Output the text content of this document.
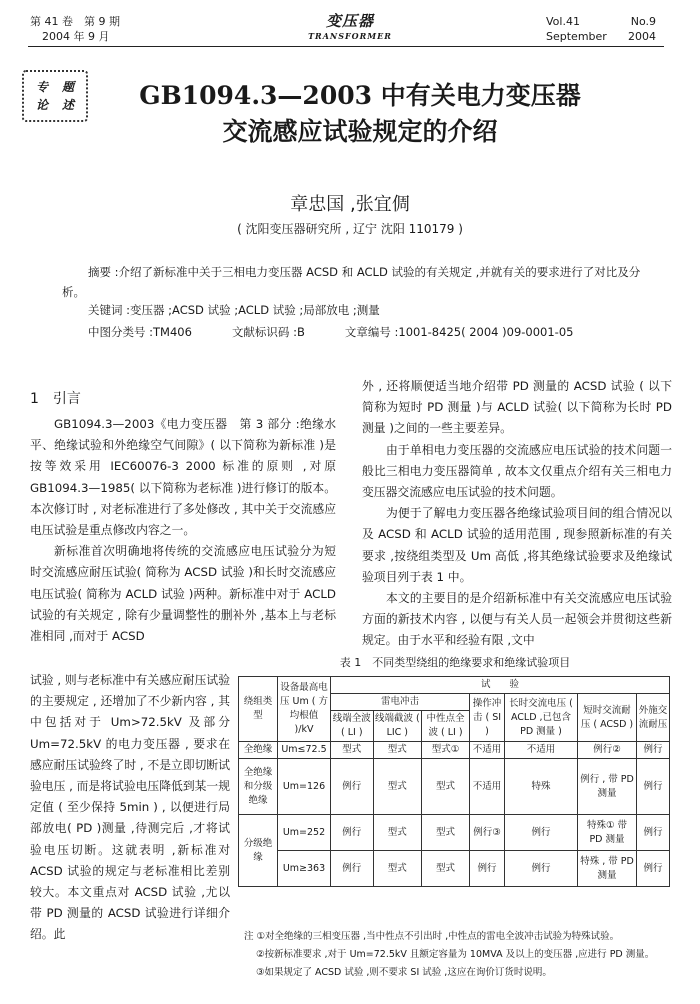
第 41 卷　第 9 期
2004 年 9 月
变压器
TRANSFORMER
Vol.41	No.9
September 2004
专	题
论	述	GB1094.3—2003 中有关电力变压器
交流感应试验规定的介绍
章忠国 ,张宜倜
( 沈阳变压器研究所 , 辽宁 沈阳 110179 )
摘要 :介绍了新标准中关于三相电力变压器 ACSD 和 ACLD 试验的有关规定 ,并就有关的要求进行了对比及分析。
关键词 :变压器 ;ACSD 试验 ;ACLD 试验 ;局部放电 ;测量
中图分类号 :TM406	文献标识码 :B	文章编号 :1001-8425( 2004 )09-0001-05
1　引言

GB1094.3—2003《电力变压器　第 3 部分 :绝缘水平、绝缘试验和外绝缘空气间隙》( 以下简称为新标准 )是按等效采用 IEC60076-3 2000 标准的原则 ,对原 GB1094.3—1985( 以下简称为老标准 )进行修订的版本。本次修订时 , 对老标准进行了多处修改 , 其中关于交流感应电压试验是重点修改内容之一。

新标准首次明确地将传统的交流感应电压试验分为短时交流感应耐压试验( 简称为 ACSD 试验 )和长时交流感应电压试验( 简称为 ACLD 试验 )两种。新标准中对于 ACLD 试验的有关规定 , 除有少量调整性的删补外 ,基本上与老标准相同 ,而对于 ACSD

试验 , 则与老标准中有关感应耐压试验的主要规定 , 还增加了不少新内容 , 其中包括对于 Um>72.5kV 及部分 Um=72.5kV 的电力变压器 , 要求在感应耐压试验终了时 , 不是立即切断试验电压 , 而是将试验电压降低到某一规定值 ( 至少保持 5min ) , 以便进行局部放电( PD )测量 ,待测完后 ,才将试验电压切断。这就表明 ,新标准对 ACSD 试验的规定与老标准相比差别较大。本文重点对 ACSD 试验 ,尤以带 PD 测量的 ACSD 试验进行详细介绍。此

外 , 还将顺便适当地介绍带 PD 测量的 ACSD 试验 ( 以下简称为短时 PD 测量 )与 ACLD 试验( 以下简称为长时 PD 测量 )之间的一些主要差异。

由于单相电力变压器的交流感应电压试验的技术问题一般比三相电力变压器简单 , 故本文仅重点介绍有关三相电力变压器交流感应电压试验的技术问题。

为便于了解电力变压器各绝缘试验项目间的组合情况以及 ACSD 和 ACLD 试验的适用范围 , 现参照新标准的有关要求 ,按绕组类型及 Um 高低 ,将其绝缘试验要求及绝缘试验项目列于表 1 中。

本文的主要目的是介绍新标准中有关交流感应电压试验方面的新技术内容 , 以便与有关人员一起领会并贯彻这些新规定。由于水平和经验有限 ,文中

表 1　不同类型绕组的绝缘要求和绝缘试验项目
绕组类型	设备最高电压 Um ( 方均根值 )/kV	试　　验						
		雷电冲击			操作冲击 ( SI )	长时交流电压 ( ACLD ,已包含 PD 测量 )	短时交流耐压 ( ACSD )	外施交流耐压
		线端全波 ( LI )	线端截波 ( LIC )	中性点全波 ( LI )				
全绝缘	Um≤72.5	型式	型式	型式①	不适用	不适用	例行②	例行
全绝缘和分级绝缘	Um=126	例行	型式	型式	不适用	特殊	例行 , 带 PD 测量	例行
分级绝缘	Um=252	例行	型式	型式	例行③	例行	特殊① 带 PD 测量	例行
	Um≥363	例行	型式	型式	例行	例行	特殊 , 带 PD 测量	例行
注 ①对全绝缘的三相变压器 ,当中性点不引出时 ,中性点的雷电全波冲击试验为特殊试验。
②按新标准要求 ,对于 Um=72.5kV 且额定容量为 10MVA 及以上的变压器 ,应进行 PD 测量。
③如果规定了 ACSD 试验 ,则不要求 SI 试验 ,这应在询价订货时说明。
